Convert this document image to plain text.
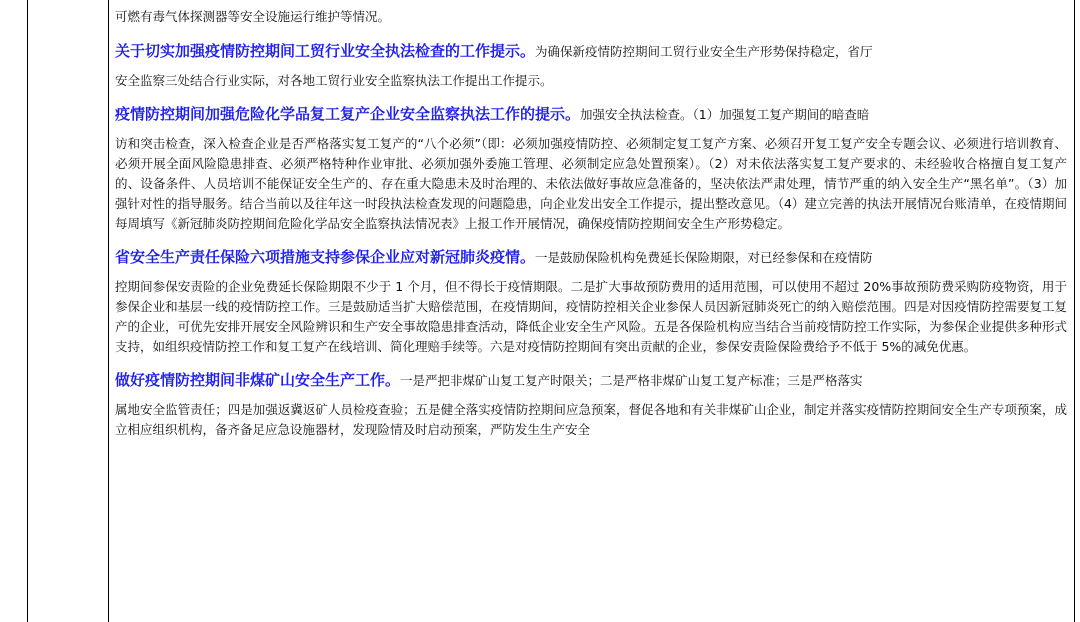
可燃有毒气体探测器等安全设施运行维护等情况。

关于切实加强疫情防控期间工贸行业安全执法检查的工作提示。为确保新疫情防控期间工贸行业安全生产形势保持稳定，省厅

安全监察三处结合行业实际，对各地工贸行业安全监察执法工作提出工作提示。

疫情防控期间加强危险化学品复工复产企业安全监察执法工作的提示。加强安全执法检查。（1）加强复工复产期间的暗查暗

访和突击检查，深入检查企业是否严格落实复工复产的“八个必须”（即：必须加强疫情防控、必须制定复工复产方案、必须召开复工复产安全专题会议、必须进行培训教育、必须开展全面风险隐患排查、必须严格特种作业审批、必须加强外委施工管理、必须制定应急处置预案）。（2）对未依法落实复工复产要求的、未经验收合格擅自复工复产的、设备条件、人员培训不能保证安全生产的、存在重大隐患未及时治理的、未依法做好事故应急准备的，坚决依法严肃处理，情节严重的纳入安全生产“黑名单”。（3）加强针对性的指导服务。结合当前以及往年这一时段执法检查发现的问题隐患，向企业发出安全工作提示，提出整改意见。（4）建立完善的执法开展情况台账清单，在疫情期间每周填写《新冠肺炎防控期间危险化学品安全监察执法情况表》上报工作开展情况，确保疫情防控期间安全生产形势稳定。

省安全生产责任保险六项措施支持参保企业应对新冠肺炎疫情。一是鼓励保险机构免费延长保险期限，对已经参保和在疫情防

控期间参保安责险的企业免费延长保险期限不少于 1 个月，但不得长于疫情期限。二是扩大事故预防费用的适用范围，可以使用不超过 20%事故预防费采购防疫物资，用于参保企业和基层一线的疫情防控工作。三是鼓励适当扩大赔偿范围，在疫情期间，疫情防控相关企业参保人员因新冠肺炎死亡的纳入赔偿范围。四是对因疫情防控需要复工复产的企业，可优先安排开展安全风险辨识和生产安全事故隐患排查活动，降低企业安全生产风险。五是各保险机构应当结合当前疫情防控工作实际，为参保企业提供多种形式支持，如组织疫情防控工作和复工复产在线培训、简化理赔手续等。六是对疫情防控期间有突出贡献的企业，参保安责险保险费给予不低于 5%的减免优惠。

做好疫情防控期间非煤矿山安全生产工作。一是严把非煤矿山复工复产时限关；二是严格非煤矿山复工复产标准；三是严格落实

属地安全监管责任；四是加强返冀返矿人员检疫查验；五是健全落实疫情防控期间应急预案，督促各地和有关非煤矿山企业，制定并落实疫情防控期间安全生产专项预案，成立相应组织机构，备齐备足应急设施器材，发现险情及时启动预案，严防发生生产安全
